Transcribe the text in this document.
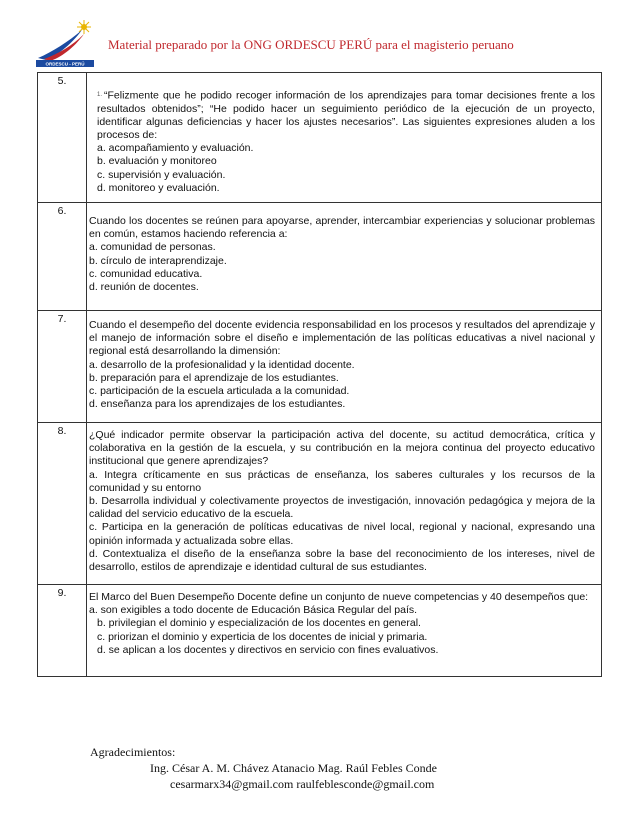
ORDESCU - PERÚ
Material preparado por la ONG ORDESCU PERÚ para el magisterio peruano
5.	1. “Felizmente que he podido recoger información de los aprendizajes para tomar decisiones frente a los resultados obtenidos”; “He podido hacer un seguimiento periódico de la ejecución de un proyecto, identificar algunas deficiencias y hacer los ajustes necesarios”. Las siguientes expresiones aluden a los procesos de:
a. acompañamiento y evaluación.
b. evaluación y monitoreo
c. supervisión y evaluación.
d. monitoreo y evaluación.

6.	Cuando los docentes se reúnen para apoyarse, aprender, intercambiar experiencias y solucionar problemas en común, estamos haciendo referencia a:
a. comunidad de personas.
b. círculo de interaprendizaje.
c. comunidad educativa.
d. reunión de docentes.

7.	Cuando el desempeño del docente evidencia responsabilidad en los procesos y resultados del aprendizaje y el manejo de información sobre el diseño e implementación de las políticas educativas a nivel nacional y regional está desarrollando la dimensión:
a. desarrollo de la profesionalidad y la identidad docente.
b. preparación para el aprendizaje de los estudiantes.
c. participación de la escuela articulada a la comunidad.
d. enseñanza para los aprendizajes de los estudiantes.

8.	¿Qué indicador permite observar la participación activa del docente, su actitud democrática, crítica y colaborativa en la gestión de la escuela, y su contribución en la mejora continua del proyecto educativo institucional que genere aprendizajes?
a. Integra críticamente en sus prácticas de enseñanza, los saberes culturales y los recursos de la comunidad y su entorno
b. Desarrolla individual y colectivamente proyectos de investigación, innovación pedagógica y mejora de la calidad del servicio educativo de la escuela.
c. Participa en la generación de políticas educativas de nivel local, regional y nacional, expresando una opinión informada y actualizada sobre ellas.
d. Contextualiza el diseño de la enseñanza sobre la base del reconocimiento de los intereses, nivel de desarrollo, estilos de aprendizaje e identidad cultural de sus estudiantes.

9.	El Marco del Buen Desempeño Docente define un conjunto de nueve competencias y 40 desempeños que:
a. son exigibles a todo docente de Educación Básica Regular del país.
b. privilegian el dominio y especialización de los docentes en general.
c. priorizan el dominio y experticia de los docentes de inicial y primaria.
d. se aplican a los docentes y directivos en servicio con fines evaluativos.
Agradecimientos:
Ing. César A. M. Chávez Atanacio Mag. Raúl Febles Conde
cesarmarx34@gmail.com raulfeblesconde@gmail.com
